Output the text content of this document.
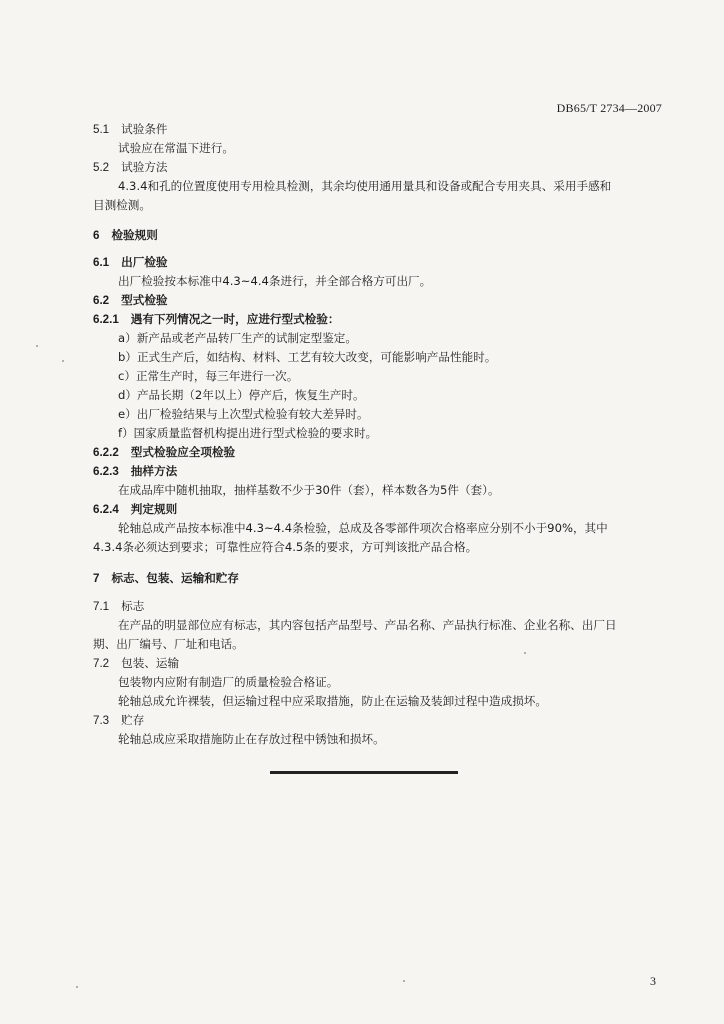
DB65/T 2734—2007
5.1 试验条件
试验应在常温下进行。
5.2 试验方法
4.3.4和孔的位置度使用专用检具检测，其余均使用通用量具和设备或配合专用夹具、采用手感和
目测检测。
6 检验规则
6.1 出厂检验
出厂检验按本标准中4.3~4.4条进行，并全部合格方可出厂。
6.2 型式检验
6.2.1 遇有下列情况之一时，应进行型式检验：
a）新产品或老产品转厂生产的试制定型鉴定。
b）正式生产后，如结构、材料、工艺有较大改变，可能影响产品性能时。
c）正常生产时，每三年进行一次。
d）产品长期（2年以上）停产后，恢复生产时。
e）出厂检验结果与上次型式检验有较大差异时。
f）国家质量监督机构提出进行型式检验的要求时。
6.2.2 型式检验应全项检验
6.2.3 抽样方法
在成品库中随机抽取，抽样基数不少于30件（套），样本数各为5件（套）。
6.2.4 判定规则
轮轴总成产品按本标准中4.3~4.4条检验，总成及各零部件项次合格率应分别不小于90%，其中
4.3.4条必须达到要求；可靠性应符合4.5条的要求，方可判该批产品合格。
7 标志、包装、运输和贮存
7.1 标志
在产品的明显部位应有标志，其内容包括产品型号、产品名称、产品执行标准、企业名称、出厂日
期、出厂编号、厂址和电话。
7.2 包装、运输
包装物内应附有制造厂的质量检验合格证。
轮轴总成允许裸装，但运输过程中应采取措施，防止在运输及装卸过程中造成损坏。
7.3 贮存
轮轴总成应采取措施防止在存放过程中锈蚀和损坏。
3
